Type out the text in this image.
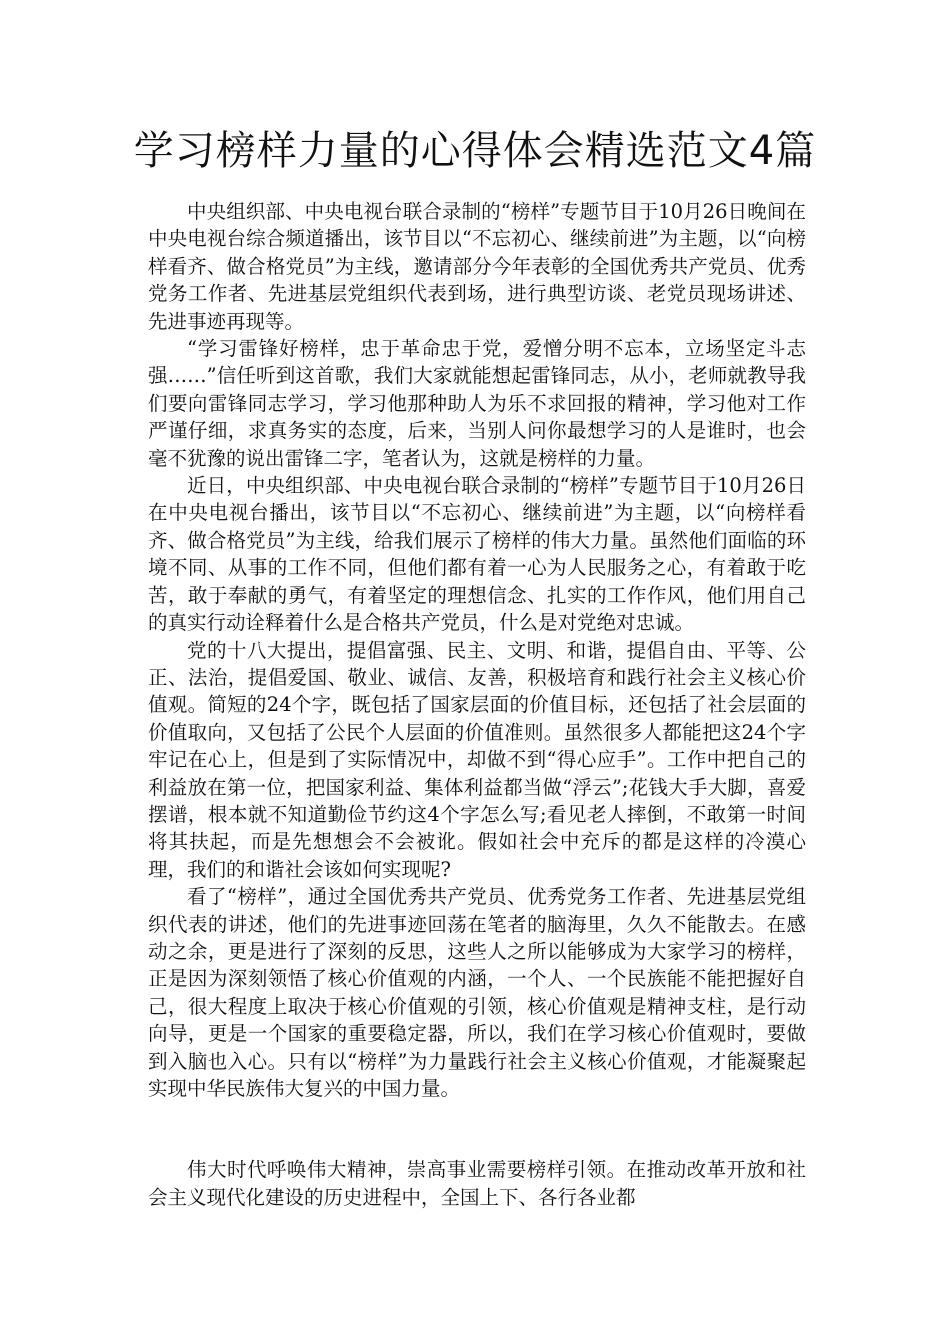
学习榜样力量的心得体会精选范文4篇

中央组织部、中央电视台联合录制的“榜样”专题节目于10月26日晚间在中央电视台综合频道播出，该节目以“不忘初心、继续前进”为主题，以“向榜样看齐、做合格党员”为主线，邀请部分今年表彰的全国优秀共产党员、优秀党务工作者、先进基层党组织代表到场，进行典型访谈、老党员现场讲述、先进事迹再现等。

“学习雷锋好榜样，忠于革命忠于党，爱憎分明不忘本，立场坚定斗志强……”信任听到这首歌，我们大家就能想起雷锋同志，从小，老师就教导我们要向雷锋同志学习，学习他那种助人为乐不求回报的精神，学习他对工作严谨仔细，求真务实的态度，后来，当别人问你最想学习的人是谁时，也会毫不犹豫的说出雷锋二字，笔者认为，这就是榜样的力量。

近日，中央组织部、中央电视台联合录制的“榜样”专题节目于10月26日在中央电视台播出，该节目以“不忘初心、继续前进”为主题，以“向榜样看齐、做合格党员”为主线，给我们展示了榜样的伟大力量。虽然他们面临的环境不同、从事的工作不同，但他们都有着一心为人民服务之心，有着敢于吃苦，敢于奉献的勇气，有着坚定的理想信念、扎实的工作作风，他们用自己的真实行动诠释着什么是合格共产党员，什么是对党绝对忠诚。

党的十八大提出，提倡富强、民主、文明、和谐，提倡自由、平等、公正、法治，提倡爱国、敬业、诚信、友善，积极培育和践行社会主义核心价值观。简短的24个字，既包括了国家层面的价值目标，还包括了社会层面的价值取向，又包括了公民个人层面的价值准则。虽然很多人都能把这24个字牢记在心上，但是到了实际情况中，却做不到“得心应手”。工作中把自己的利益放在第一位，把国家利益、集体利益都当做“浮云”;花钱大手大脚，喜爱摆谱，根本就不知道勤俭节约这4个字怎么写;看见老人摔倒，不敢第一时间将其扶起，而是先想想会不会被讹。假如社会中充斥的都是这样的冷漠心理，我们的和谐社会该如何实现呢?

看了“榜样”，通过全国优秀共产党员、优秀党务工作者、先进基层党组织代表的讲述，他们的先进事迹回荡在笔者的脑海里，久久不能散去。在感动之余，更是进行了深刻的反思，这些人之所以能够成为大家学习的榜样，正是因为深刻领悟了核心价值观的内涵，一个人、一个民族能不能把握好自己，很大程度上取决于核心价值观的引领，核心价值观是精神支柱，是行动向导，更是一个国家的重要稳定器，所以，我们在学习核心价值观时，要做到入脑也入心。只有以“榜样”为力量践行社会主义核心价值观，才能凝聚起实现中华民族伟大复兴的中国力量。

伟大时代呼唤伟大精神，崇高事业需要榜样引领。在推动改革开放和社会主义现代化建设的历史进程中，全国上下、各行各业都
